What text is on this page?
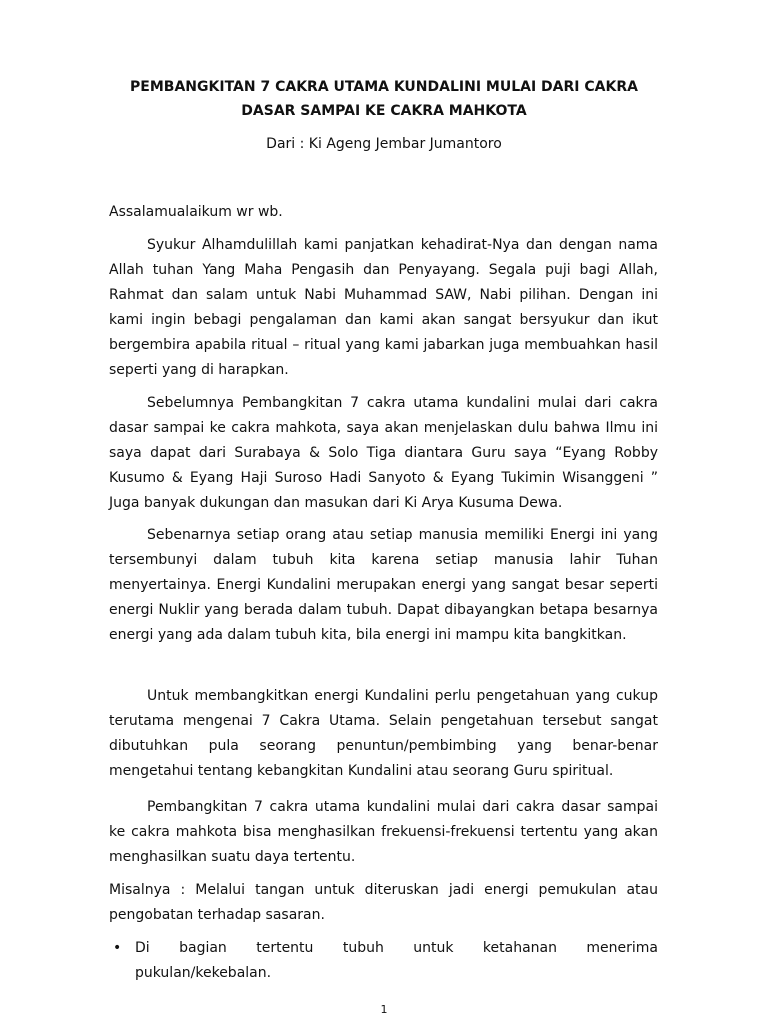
PEMBANGKITAN 7 CAKRA UTAMA KUNDALINI MULAI DARI CAKRA
DASAR SAMPAI KE CAKRA MAHKOTA
Dari : Ki Ageng Jembar Jumantoro
Assalamualaikum wr wb.

Syukur Alhamdulillah kami panjatkan kehadirat-Nya dan dengan nama Allah tuhan Yang Maha Pengasih dan Penyayang. Segala puji bagi Allah, Rahmat dan salam untuk Nabi Muhammad SAW, Nabi pilihan. Dengan ini kami ingin bebagi pengalaman dan kami akan sangat bersyukur dan ikut bergembira apabila ritual – ritual yang kami jabarkan juga membuahkan hasil seperti yang di harapkan.

Sebelumnya Pembangkitan 7 cakra utama kundalini mulai dari cakra dasar sampai ke cakra mahkota, saya akan menjelaskan dulu bahwa Ilmu ini saya dapat dari Surabaya & Solo Tiga diantara Guru saya “Eyang Robby Kusumo & Eyang Haji Suroso Hadi Sanyoto & Eyang Tukimin Wisanggeni ” Juga banyak dukungan dan masukan dari Ki Arya Kusuma Dewa.

Sebenarnya setiap orang atau setiap manusia memiliki Energi ini yang tersembunyi dalam tubuh kita karena setiap manusia lahir Tuhan menyertainya. Energi Kundalini merupakan energi yang sangat besar seperti energi Nuklir yang berada dalam tubuh. Dapat dibayangkan betapa besarnya energi yang ada dalam tubuh kita, bila energi ini mampu kita bangkitkan.

Untuk membangkitkan energi Kundalini perlu pengetahuan yang cukup terutama mengenai 7 Cakra Utama. Selain pengetahuan tersebut sangat dibutuhkan pula seorang penuntun/pembimbing yang benar-benar mengetahui tentang kebangkitan Kundalini atau seorang Guru spiritual.

Pembangkitan 7 cakra utama kundalini mulai dari cakra dasar sampai ke cakra mahkota bisa menghasilkan frekuensi-frekuensi tertentu yang akan menghasilkan suatu daya tertentu.

Misalnya : Melalui tangan untuk diteruskan jadi energi pemukulan atau pengobatan terhadap sasaran.

• Di bagian tertentu tubuh untuk ketahanan menerima
pukulan/kekebalan.
1
